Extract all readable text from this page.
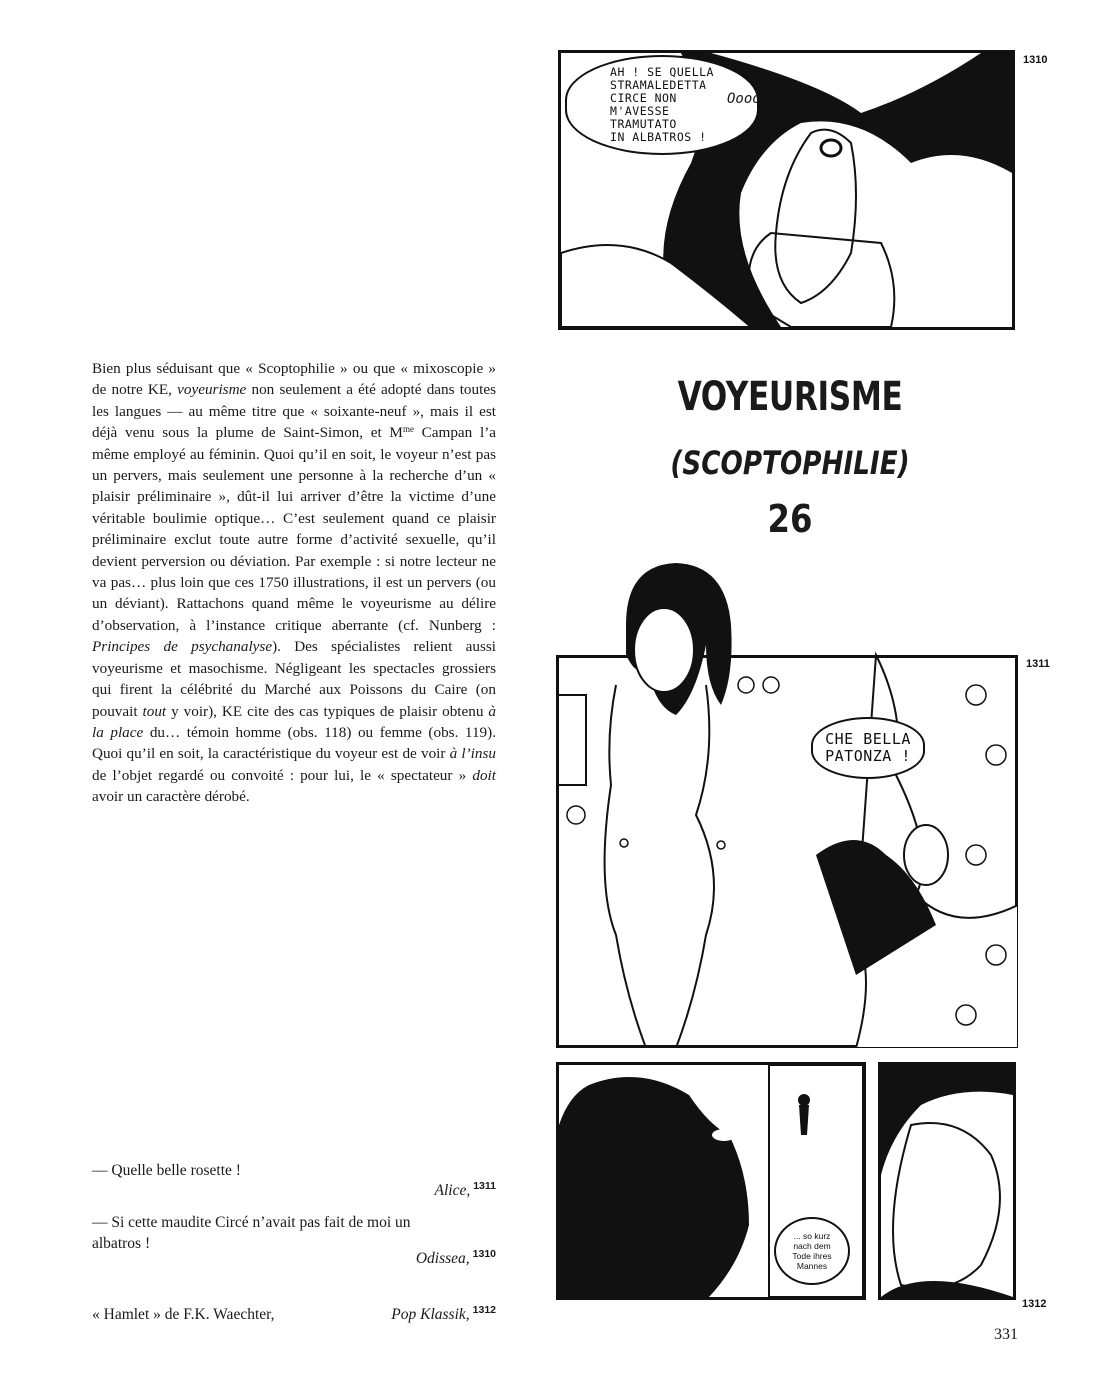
Bien plus séduisant que « Scoptophilie » ou que « mixoscopie » de notre KE, voyeurisme non seulement a été adopté dans toutes les langues — au même titre que « soixante-neuf », mais il est déjà venu sous la plume de Saint-Simon, et $M^{me}$ Campan l’a même employé au féminin. Quoi qu’il en soit, le voyeur n’est pas un pervers, mais seulement une personne à la recherche d’un « plaisir préliminaire », dût-il lui arriver d’être la victime d’une véritable boulimie optique… C’est seulement quand ce plaisir préliminaire exclut toute autre forme d’activité sexuelle, qu’il devient perversion ou déviation. Par exemple : si notre lecteur ne va pas… plus loin que ces 1750 illustrations, il est un pervers (ou un déviant). Rattachons quand même le voyeurisme au délire d’observation, à l’instance critique aberrante (cf. Nunberg : Principes de psychanalyse). Des spécialistes relient aussi voyeurisme et masochisme. Négligeant les spectacles grossiers qui firent la célébrité du Marché aux Poissons du Caire (on pouvait tout y voir), KE cite des cas typiques de plaisir obtenu à la place du… témoin homme (obs. 118) ou femme (obs. 119). Quoi qu’il en soit, la caractéristique du voyeur est de voir à l’insu de l’objet regardé ou convoité : pour lui, le « spectateur » doit avoir un caractère dérobé.
VOYEURISME
(SCOPTOPHILIE)
26
AH ! SE QUELLA
STRAMALEDETTA
CIRCE NON
M'AVESSE
TRAMUTATO
IN ALBATROS !
Oooo
1310
CHE BELLA
PATONZA !
1311
... so kurz
nach dem
Tode ihres
Mannes
1312
— Quelle belle rosette !
Alice, $^{1311}$
— Si cette maudite Circé n’avait pas fait de moi un
albatros !
Odissea, $^{1310}$
« Hamlet » de F.K. Waechter,	Pop Klassik, $^{1312}$
331
